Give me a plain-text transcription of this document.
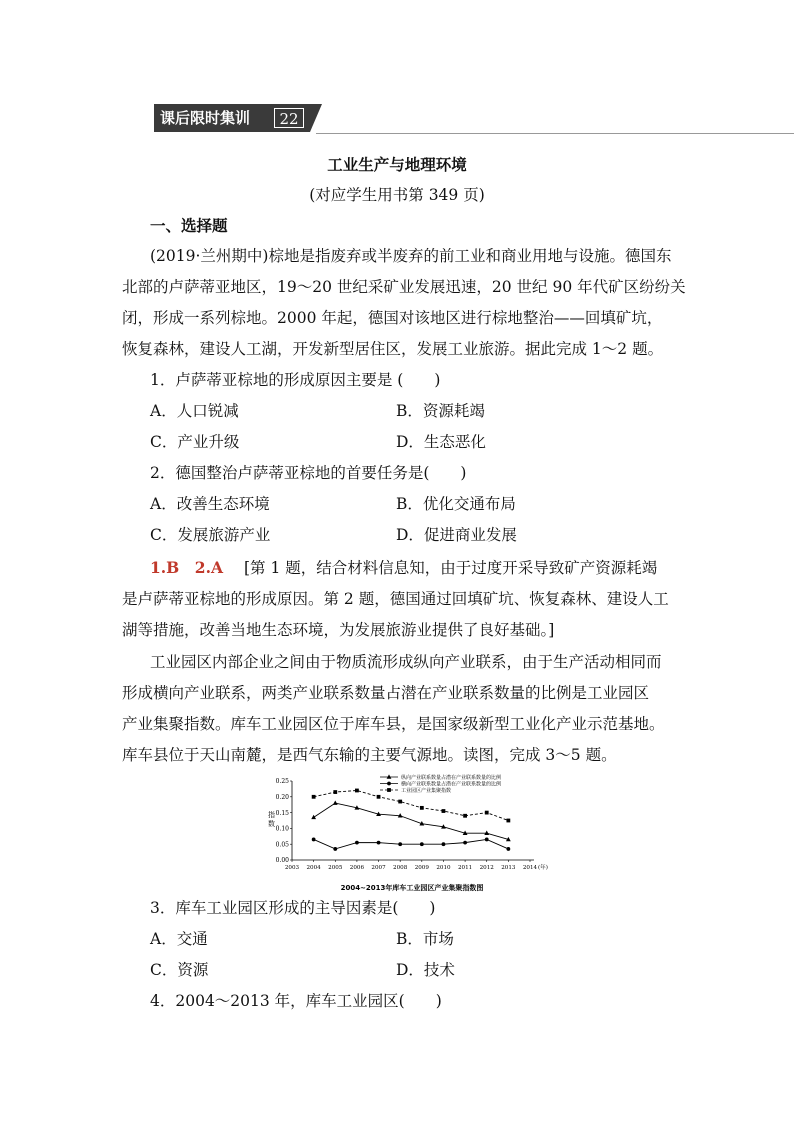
课后限时集训	22
工业生产与地理环境
(对应学生用书第 349 页)
一、选择题
(2019·兰州期中)棕地是指废弃或半废弃的前工业和商业用地与设施。德国东
北部的卢萨蒂亚地区，19～20 世纪采矿业发展迅速，20 世纪 90 年代矿区纷纷关
闭，形成一系列棕地。2000 年起，德国对该地区进行棕地整治——回填矿坑，
恢复森林，建设人工湖，开发新型居住区，发展工业旅游。据此完成 1～2 题。
1．卢萨蒂亚棕地的形成原因主要是 (　　)
A．人口锐减	B．资源耗竭
C．产业升级	D．生态恶化
2．德国整治卢萨蒂亚棕地的首要任务是(　　)
A．改善生态环境	B．优化交通布局
C．发展旅游产业	D．促进商业发展
1.B　2.A [第 1 题，结合材料信息知，由于过度开采导致矿产资源耗竭
是卢萨蒂亚棕地的形成原因。第 2 题，德国通过回填矿坑、恢复森林、建设人工
湖等措施，改善当地生态环境，为发展旅游业提供了良好基础。]
工业园区内部企业之间由于物质流形成纵向产业联系，由于生产活动相同而
形成横向产业联系，两类产业联系数量占潜在产业联系数量的比例是工业园区
产业集聚指数。库车工业园区位于库车县，是国家级新型工业化产业示范基地。
库车县位于天山南麓，是西气东输的主要气源地。读图，完成 3～5 题。
0.25
0.20
0.15
0.10
0.05
0.00
2003 2004 2005 2006 2007 2008 2009 2010 2011 2012 2013 2014 (年)
指数
2004~2013年库车工业园区产业集聚指数图
纵向产业联系数量占潜在产业联系数量的比例
横向产业联系数量占潜在产业联系数量的比例
工业园区产业集聚指数
3．库车工业园区形成的主导因素是(　　)
A．交通	B．市场
C．资源	D．技术
4．2004～2013 年，库车工业园区(　　)
